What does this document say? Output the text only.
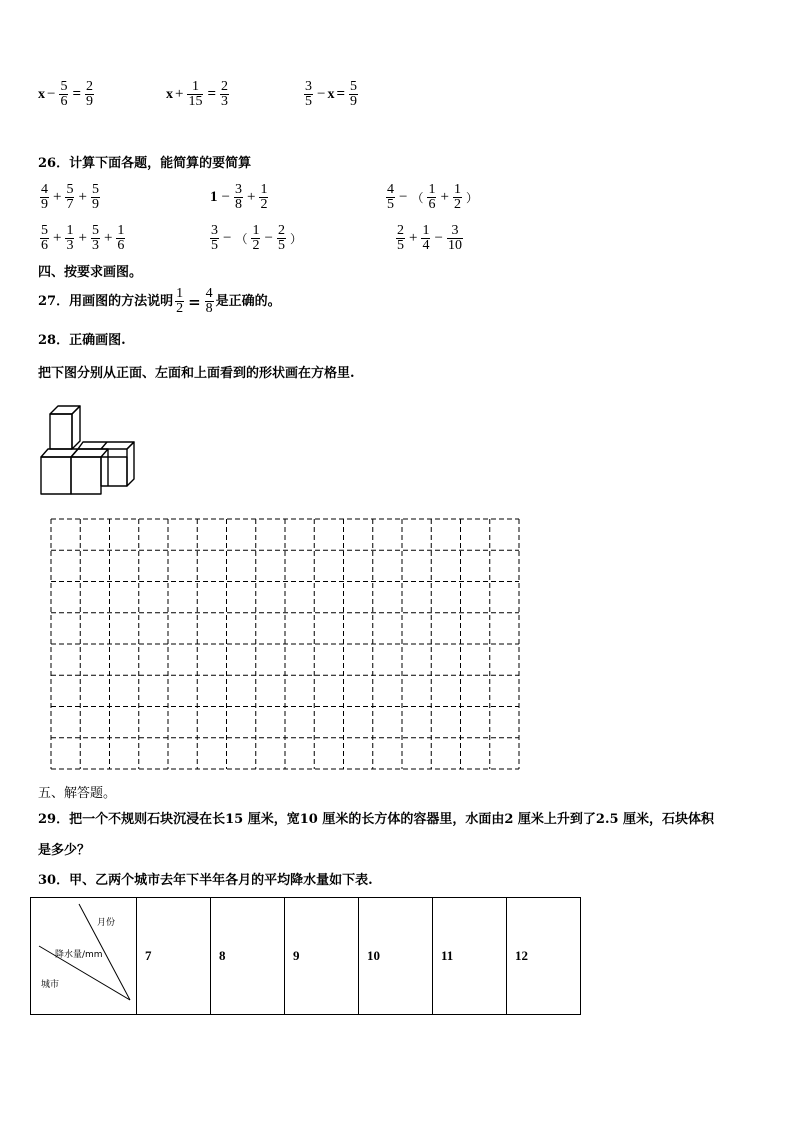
$x - \frac{5}{6} = \frac{2}{9}$	$x + \frac{1}{15} = \frac{2}{3}$	$\frac{3}{5} - x = \frac{5}{9}$
26．计算下面各题，能简算的要简算
$\frac{4}{9} + \frac{5}{7} + \frac{5}{9}$	$1 - \frac{3}{8} + \frac{1}{2}$	$\frac{4}{5}$ − （ $\frac{1}{6} + \frac{1}{2}$ ）
$\frac{5}{6} + \frac{1}{3} + \frac{5}{3} + \frac{1}{6}$	$\frac{3}{5}$ − （ $\frac{1}{2} - \frac{2}{5}$ ）	$\frac{2}{5} + \frac{1}{4} - \frac{3}{10}$
四、按要求画图。
27．用画图的方法说明 $\frac{1}{2} = \frac{4}{8}$ 是正确的。
28．正确画图.
把下图分别从正面、左面和上面看到的形状画在方格里.
五、解答题。
29．把一个不规则石块沉浸在长15 厘米，宽10 厘米的长方体的容器里，水面由2 厘米上升到了2.5 厘米，石块体积
是多少？
30．甲、乙两个城市去年下半年各月的平均降水量如下表.
月份
降水量/mm
城市
	7	8	9	10	11	12
